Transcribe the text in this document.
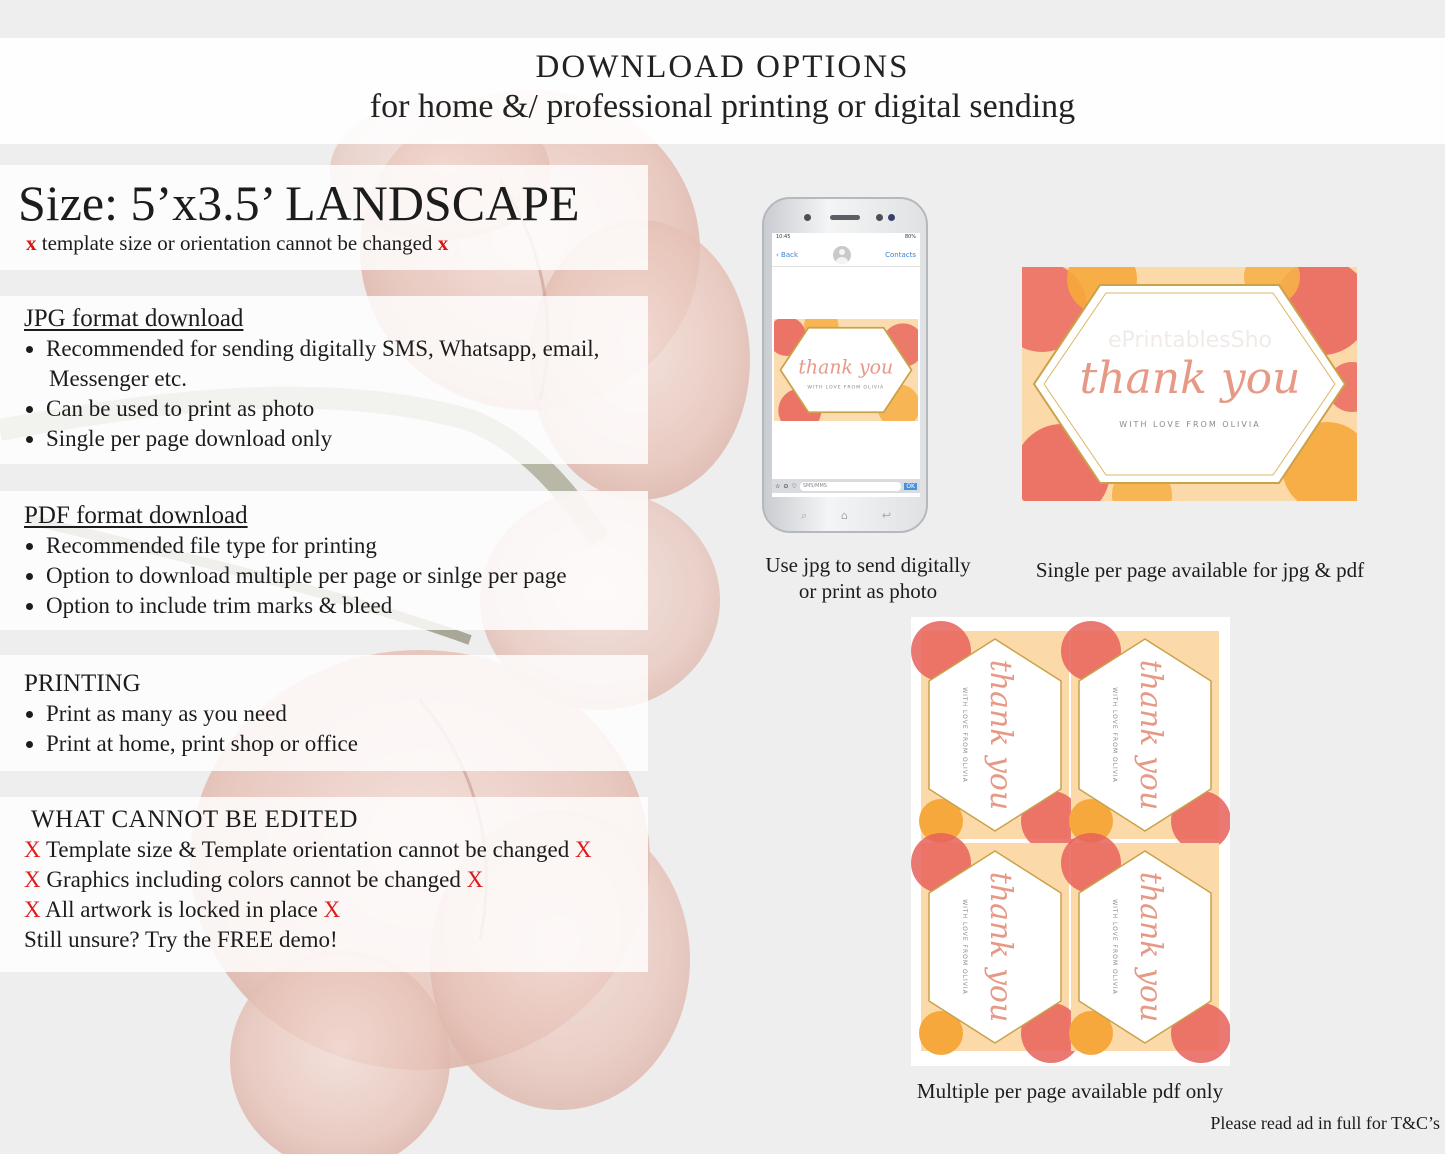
DOWNLOAD OPTIONS
for home &/ professional printing or digital sending
Size: 5’x3.5’ LANDSCAPE
x template size or orientation cannot be changed x
JPG format download
Recommended for sending digitally SMS, Whatsapp, email,
Messenger etc.
Can be used to print as photo
Single per page download only
PDF format download
Recommended file type for printing
Option to download multiple per page or sinlge per page
Option to include trim marks & bleed
PRINTING
Print as many as you need
Print at home, print shop or office
WHAT CANNOT BE EDITED
X Template size & Template orientation cannot be changed X
X Graphics including colors cannot be changed X
X All artwork is locked in place X
Still unsure? Try the FREE demo!
10:45	80%
‹ Back	Contacts
thank you
WITH LOVE FROM OLIVIA
☆ ⊙ ♡	SMS/MMS	OK
⌕	⌂	↩
ePrintablesSho
thank you
WITH LOVE FROM OLIVIA
thank you
WITH LOVE FROM OLIVIA	thank you
WITH LOVE FROM OLIVIA
thank you
WITH LOVE FROM OLIVIA	thank you
WITH LOVE FROM OLIVIA
Use jpg to send digitally
or print as photo
Single per page available for jpg & pdf
Multiple per page available pdf only
Please read ad in full for T&C’s
